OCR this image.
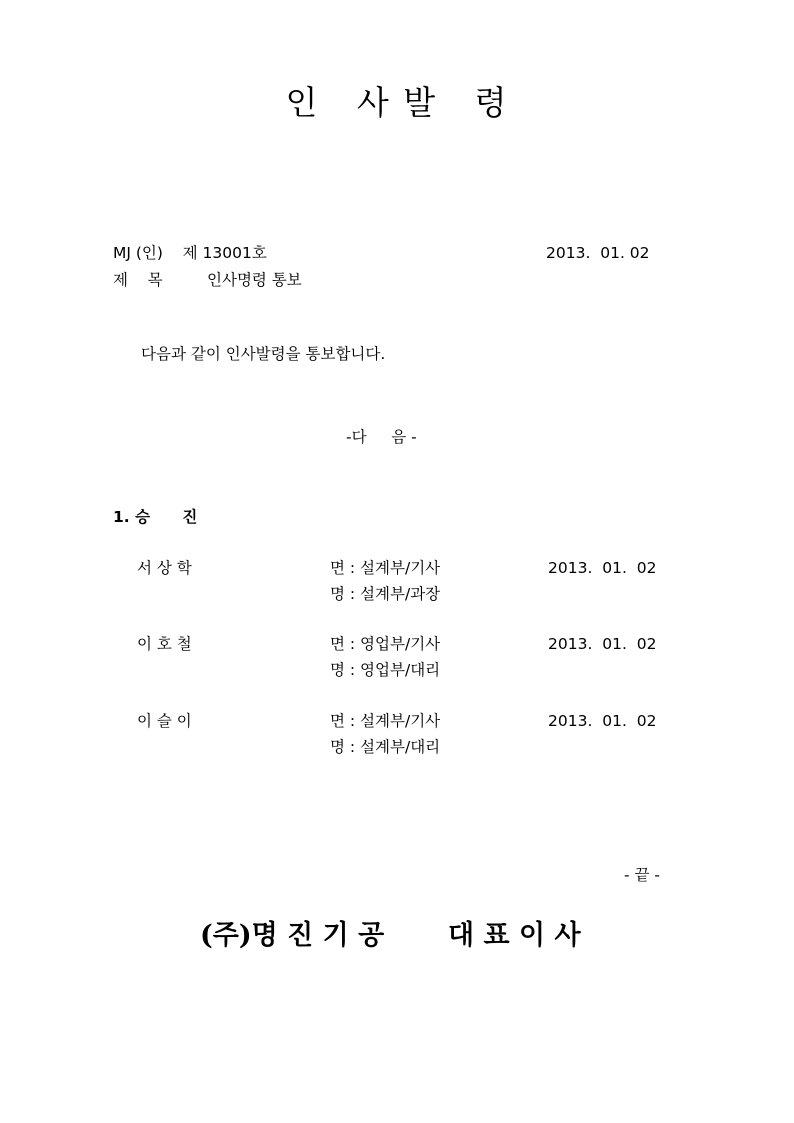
인   사 발   령
MJ (인)    제 13001호	2013.  01. 02
제    목	인사명령 통보
다음과 같이 인사발령을 통보합니다.
-다     음 -
1. 승      진
서 상 학	면 : 설계부/기사	2013.  01.  02
명 : 설계부/과장
이 호 철	면 : 영업부/기사	2013.  01.  02
명 : 영업부/대리
이 슬 이	면 : 설계부/기사	2013.  01.  02
명 : 설계부/대리
- 끝 -
(주)명 진 기 공 대 표 이 사
